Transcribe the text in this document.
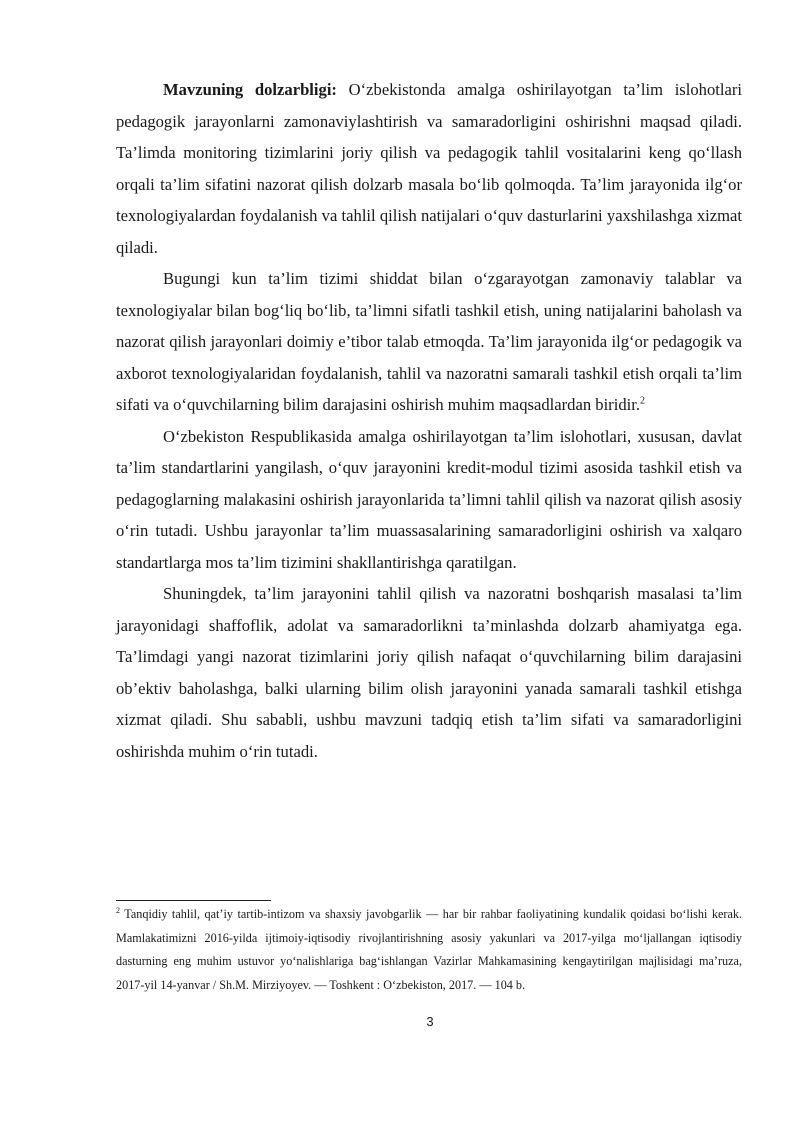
Mavzuning dolzarbligi: O‘zbekistonda amalga oshirilayotgan ta’lim islohotlari pedagogik jarayonlarni zamonaviylashtirish va samaradorligini oshirishni maqsad qiladi. Ta’limda monitoring tizimlarini joriy qilish va pedagogik tahlil vositalarini keng qo‘llash orqali ta’lim sifatini nazorat qilish dolzarb masala bo‘lib qolmoqda. Ta’lim jarayonida ilg‘or texnologiyalardan foydalanish va tahlil qilish natijalari o‘quv dasturlarini yaxshilashga xizmat qiladi.

Bugungi kun ta’lim tizimi shiddat bilan o‘zgarayotgan zamonaviy talablar va texnologiyalar bilan bog‘liq bo‘lib, ta’limni sifatli tashkil etish, uning natijalarini baholash va nazorat qilish jarayonlari doimiy e’tibor talab etmoqda. Ta’lim jarayonida ilg‘or pedagogik va axborot texnologiyalaridan foydalanish, tahlil va nazoratni samarali tashkil etish orqali ta’lim sifati va o‘quvchilarning bilim darajasini oshirish muhim maqsadlardan biridir.$^2$

O‘zbekiston Respublikasida amalga oshirilayotgan ta’lim islohotlari, xususan, davlat ta’lim standartlarini yangilash, o‘quv jarayonini kredit-modul tizimi asosida tashkil etish va pedagoglarning malakasini oshirish jarayonlarida ta’limni tahlil qilish va nazorat qilish asosiy o‘rin tutadi. Ushbu jarayonlar ta’lim muassasalarining samaradorligini oshirish va xalqaro standartlarga mos ta’lim tizimini shakllantirishga qaratilgan.

Shuningdek, ta’lim jarayonini tahlil qilish va nazoratni boshqarish masalasi ta’lim jarayonidagi shaffoflik, adolat va samaradorlikni ta’minlashda dolzarb ahamiyatga ega. Ta’limdagi yangi nazorat tizimlarini joriy qilish nafaqat o‘quvchilarning bilim darajasini ob’ektiv baholashga, balki ularning bilim olish jarayonini yanada samarali tashkil etishga xizmat qiladi. Shu sababli, ushbu mavzuni tadqiq etish ta’lim sifati va samaradorligini oshirishda muhim o‘rin tutadi.

$^2$ Tanqidiy tahlil, qat’iy tartib-intizom va shaxsiy javobgarlik — har bir rahbar faoliyatining kundalik qoidasi bo‘lishi kerak. Mamlakatimizni 2016-yilda ijtimoiy-iqtisodiy rivojlantirishning asosiy yakunlari va 2017-yilga mo‘ljallangan iqtisodiy dasturning eng muhim ustuvor yo‘nalishlariga bag‘ishlangan Vazirlar Mahkamasining kengaytirilgan majlisidagi ma’ruza, 2017-yil 14-yanvar / Sh.M. Mirziyoyev. — Toshkent : O‘zbekiston, 2017. — 104 b.

3
